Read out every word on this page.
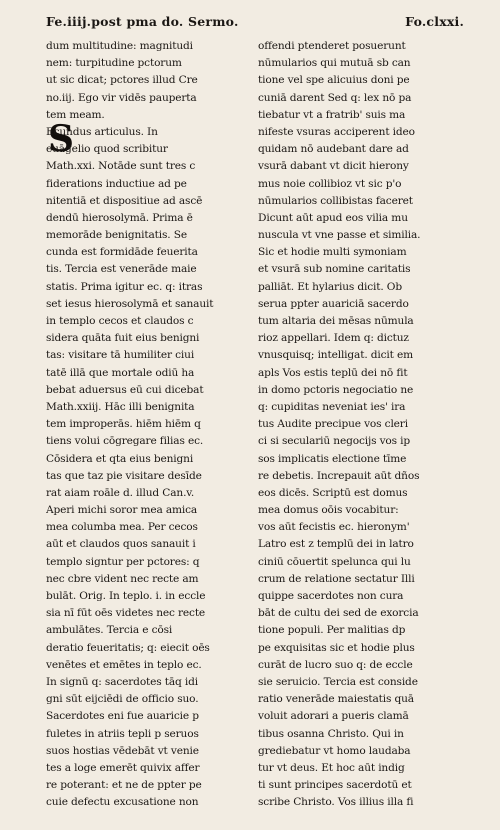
Fe.iiij.post pma do. Sermo.	Fo.clxxi.
S
dum multitudine: magnitudi
nem: turpitudine pctorum
ut sic dicat; pctores illud Cre
no.iij. Ego vir vidēs pauperta
tem meam.
Ecundus articulus. In
euāgelio quod scribitur
Math.xxi. Notāde sunt tres c
fiderations inductiue ad pe
nitentiā et dispositiue ad ascē
dendū hierosolymā. Prima ē
memorāde benignitatis. Se
cunda est formidāde feuerita
tis. Tercia est venerāde maie
statis. Prima igitur ec. q: itras
set iesus hierosolymā et sanauit
in templo cecos et claudos c
sidera quāta fuit eius benigni
tas: visitare tā humiliter ciui
tatē illā que mortale odiū ha
bebat aduersus eū cui dicebat
Math.xxiij. Hāc illi benignita
tem improperās. hiēm hiēm q
tiens volui cōgregare filias ec.
Cōsidera et qta eius benigni
tas que taz pie visitare desīde
rat aiam roāle d. illud Can.v.
Aperi michi soror mea amica
mea columba mea. Per cecos
aūt et claudos quos sanauit i
templo signtur per pctores: q
nec cbre vident nec recte am
bulāt. Orig. In teplo. i. in eccle
sia nī fūt oēs videtes nec recte
ambulātes. Tercia e cōsi
deratio feueritatis; q: eiecit oēs
venētes et emētes in teplo ec.
In signū q: sacerdotes tāq idi
gni sūt eijciēdi de officio suo.
Sacerdotes eni fue auaricie p
fuletes in atriis tepli p seruos
suos hostias vēdebāt vt venie
tes a loge emerēt quivix affer
re poterant: et ne de ppter pe
cuie defectu excusatione non
offendi ptenderet posuerunt
nūmularios qui mutuā sb can
tione vel spe alicuius doni pe
cuniā darent Sed q: lex nō pa
tiebatur vt a fratrib' suis ma
nifeste vsuras acciperent ideo
quidam nō audebant dare ad
vsurā dabant vt dicit hierony
mus noie collibioz vt sic p'o
nūmularios collibistas faceret
Dicunt aūt apud eos vilia mu
nuscula vt vne passe et similia.
Sic et hodie multi symoniam
et vsurā sub nomine caritatis
palliāt. Et hylarius dicit. Ob
serua ppter auariciā sacerdo
tum altaria dei mēsas nūmula
rioz appellari. Idem q: dictuz
vnusquisq; intelligat. dicit em
apls Vos estis teplū dei nō fit
in domo pctoris negociatio ne
q: cupiditas neveniat ies' ira
tus Audite precipue vos cleri
ci si seculariū negocijs vos ip
sos implicatis electione tīme
re debetis. Increpauit aūt dños
eos dicēs. Scriptū est domus
mea domus oōis vocabitur:
vos aūt fecistis ec. hieronym'
Latro est z templū dei in latro
ciniū cōuertit spelunca qui lu
crum de relatione sectatur Illi
quippe sacerdotes non cura
bāt de cultu dei sed de exorcia
tione populi. Per malitias dp
pe exquisitas sic et hodie plus
curāt de lucro suo q: de eccle
sie seruicio. Tercia est conside
ratio venerāde maiestatis quā
voluit adorari a pueris clamā
tibus osanna Christo. Qui in
grediebatur vt homo laudaba
tur vt deus. Et hoc aūt indig
ti sunt principes sacerdotū et
scribe Christo. Vos illius illa fi
